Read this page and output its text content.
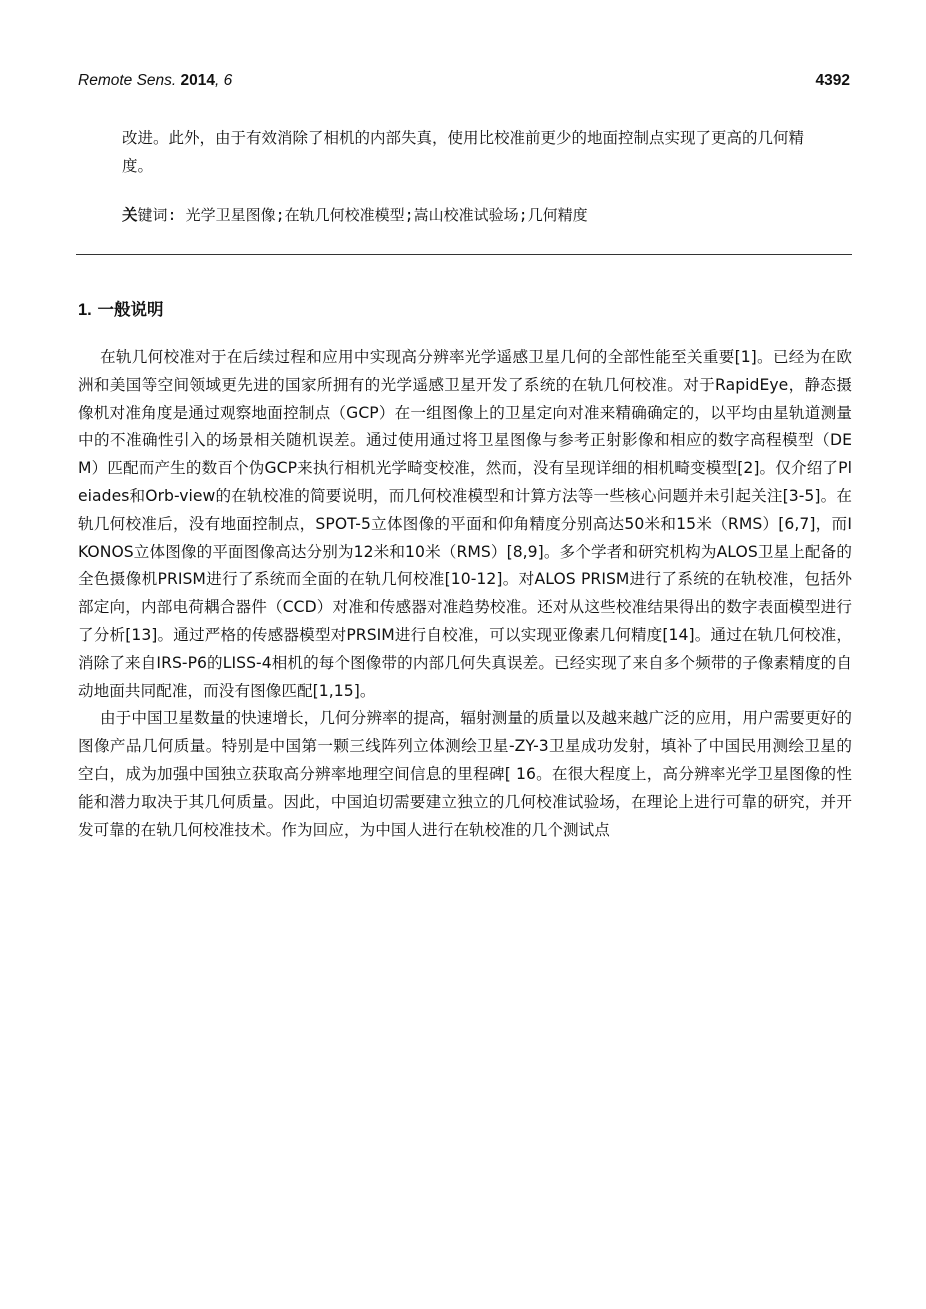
Remote Sens. 2014, 6	4392

改进。此外，由于有效消除了相机的内部失真，使用比校准前更少的地面控制点实现了更高的几何精度。

关键词: 光学卫星图像;在轨几何校准模型;嵩山校准试验场;几何精度

1. 一般说明

在轨几何校准对于在后续过程和应用中实现高分辨率光学遥感卫星几何的全部性能至关重要[1]。已经为在欧洲和美国等空间领域更先进的国家所拥有的光学遥感卫星开发了系统的在轨几何校准。对于RapidEye，静态摄像机对准角度是通过观察地面控制点（GCP）在一组图像上的卫星定向对准来精确确定的，以平均由星轨道测量中的不准确性引入的场景相关随机误差。通过使用通过将卫星图像与参考正射影像和相应的数字高程模型（DEM）匹配而产生的数百个伪GCP来执行相机光学畸变校准，然而，没有呈现详细的相机畸变模型[2]。仅介绍了Pleiades和Orb-view的在轨校准的简要说明，而几何校准模型和计算方法等一些核心问题并未引起关注[3-5]。在轨几何校准后，没有地面控制点，SPOT-5立体图像的平面和仰角精度分别高达50米和15米（RMS）[6,7]，而IKONOS立体图像的平面图像高达分别为12米和10米（RMS）[8,9]。多个学者和研究机构为ALOS卫星上配备的全色摄像机PRISM进行了系统而全面的在轨几何校准[10-12]。对ALOS PRISM进行了系统的在轨校准，包括外部定向，内部电荷耦合器件（CCD）对准和传感器对准趋势校准。还对从这些校准结果得出的数字表面模型进行了分析[13]。通过严格的传感器模型对PRSIM进行自校准，可以实现亚像素几何精度[14]。通过在轨几何校准，消除了来自IRS-P6的LISS-4相机的每个图像带的内部几何失真误差。已经实现了来自多个频带的子像素精度的自动地面共同配准，而没有图像匹配[1,15]。

由于中国卫星数量的快速增长，几何分辨率的提高，辐射测量的质量以及越来越广泛的应用，用户需要更好的图像产品几何质量。特别是中国第一颗三线阵列立体测绘卫星-ZY-3卫星成功发射，填补了中国民用测绘卫星的空白，成为加强中国独立获取高分辨率地理空间信息的里程碑[ 16。在很大程度上，高分辨率光学卫星图像的性能和潜力取决于其几何质量。因此，中国迫切需要建立独立的几何校准试验场，在理论上进行可靠的研究，并开发可靠的在轨几何校准技术。作为回应，为中国人进行在轨校准的几个测试点
